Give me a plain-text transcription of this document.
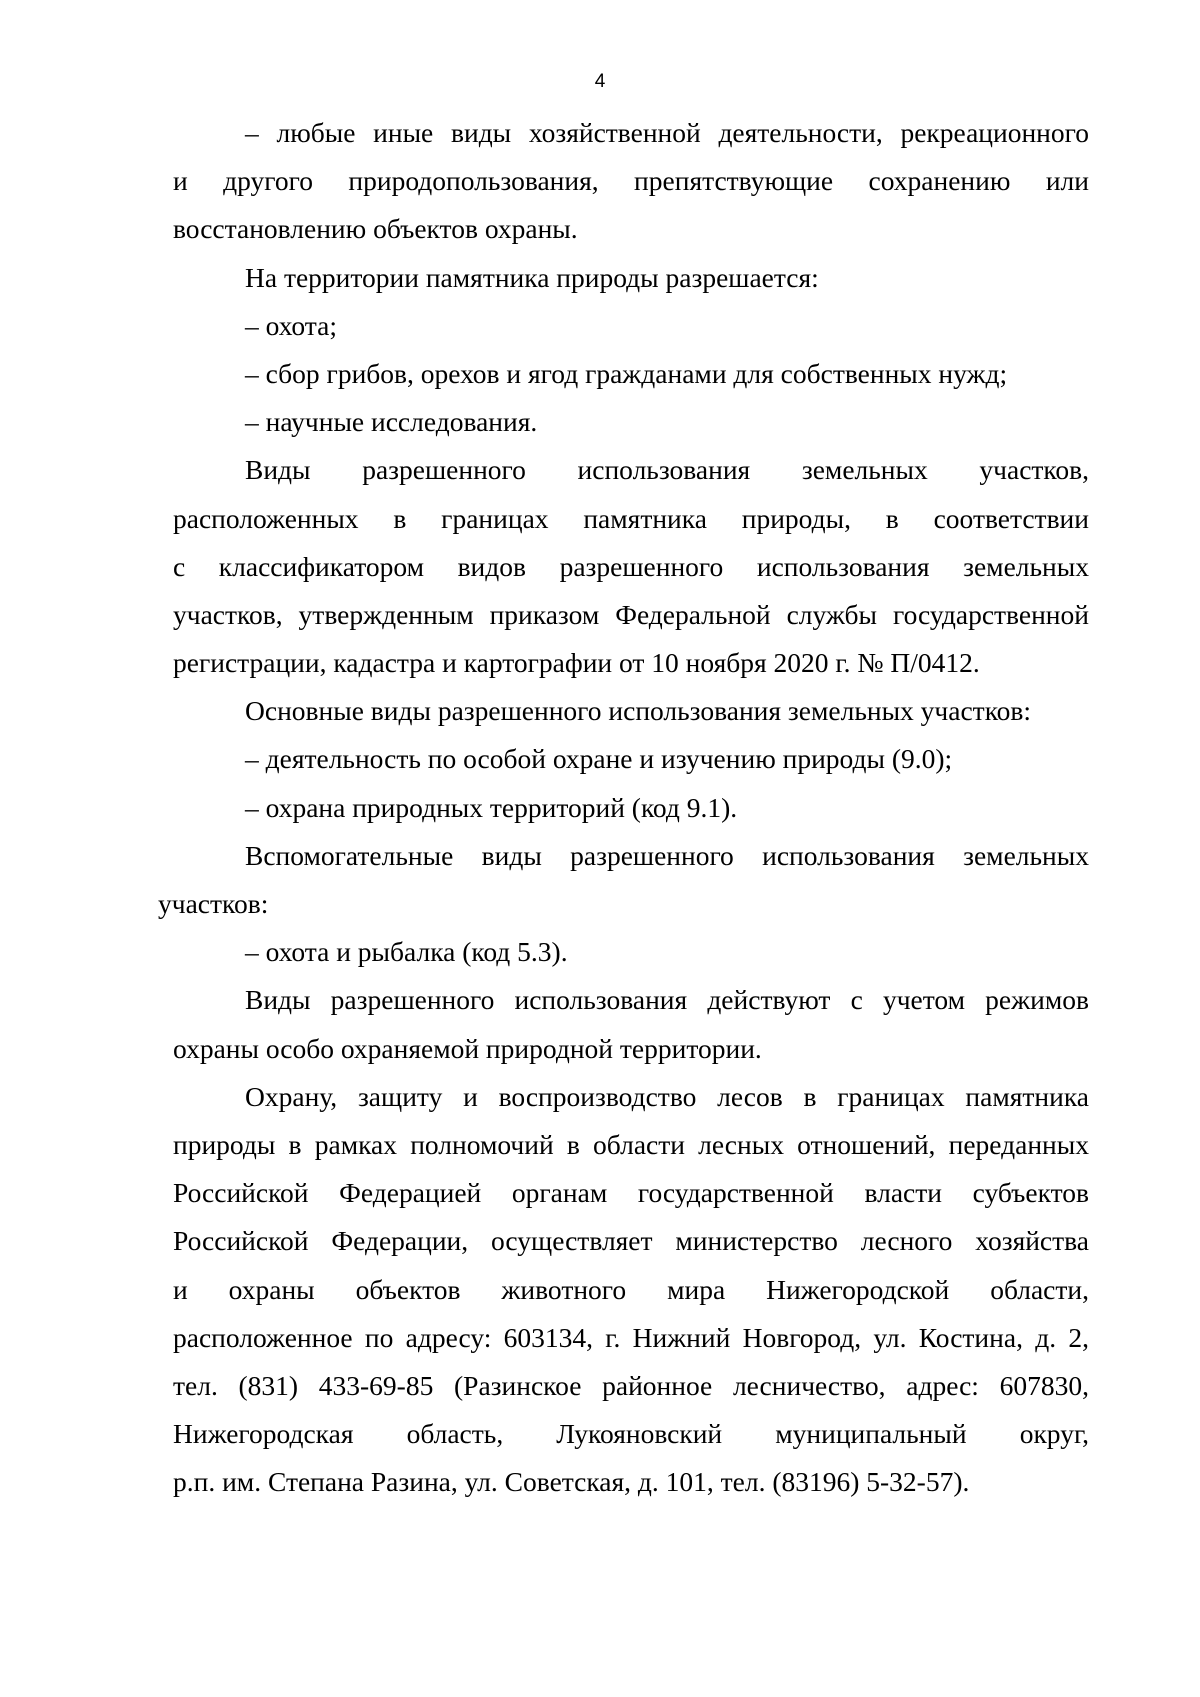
4
– любые иные виды хозяйственной деятельности, рекреационного
и другого природопользования, препятствующие сохранению или
восстановлению объектов охраны.
На территории памятника природы разрешается:
– охота;
– сбор грибов, орехов и ягод гражданами для собственных нужд;
– научные исследования.
Виды разрешенного использования земельных участков,
расположенных в границах памятника природы, в соответствии
с классификатором видов разрешенного использования земельных
участков, утвержденным приказом Федеральной службы государственной
регистрации, кадастра и картографии от 10 ноября 2020 г. № П/0412.
Основные виды разрешенного использования земельных участков:
– деятельность по особой охране и изучению природы (9.0);
– охрана природных территорий (код 9.1).
Вспомогательные виды разрешенного использования земельных
участков:
– охота и рыбалка (код 5.3).
Виды разрешенного использования действуют с учетом режимов
охраны особо охраняемой природной территории.
Охрану, защиту и воспроизводство лесов в границах памятника
природы в рамках полномочий в области лесных отношений, переданных
Российской Федерацией органам государственной власти субъектов
Российской Федерации, осуществляет министерство лесного хозяйства
и охраны объектов животного мира Нижегородской области,
расположенное по адресу: 603134, г. Нижний Новгород, ул. Костина, д. 2,
тел. (831) 433-69-85 (Разинское районное лесничество, адрес: 607830,
Нижегородская область, Лукояновский муниципальный округ,
р.п. им. Степана Разина, ул. Советская, д. 101, тел. (83196) 5-32-57).
